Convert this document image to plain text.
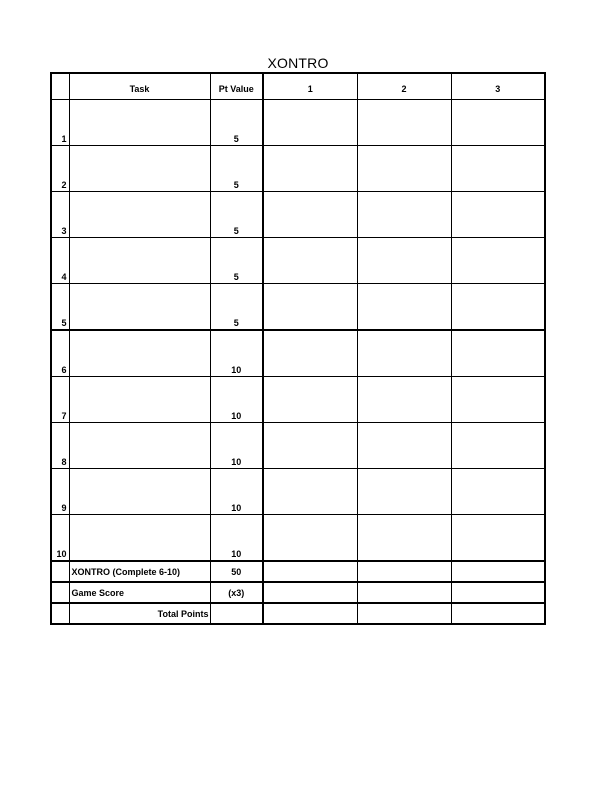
XONTRO
	Task	Pt Value	1	2	3
1		5			
2		5			
3		5			
4		5			
5		5			
6		10			
7		10			
8		10			
9		10			
10		10			
	XONTRO (Complete 6-10)	50			
	Game Score	(x3)			
	Total Points				
